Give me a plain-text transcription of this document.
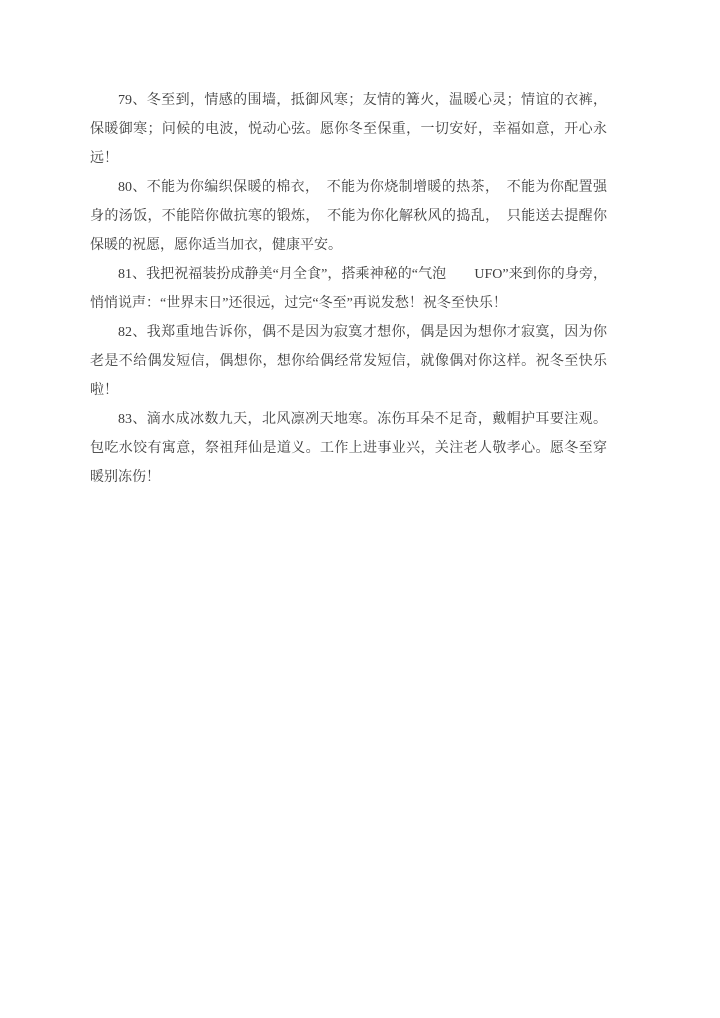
79、冬至到，情感的围墙，抵御风寒；友情的篝火，温暖心灵；情谊的衣裤，保暖御寒；问候的电波，悦动心弦。愿你冬至保重，一切安好，幸福如意，开心永远！

80、不能为你编织保暖的棉衣，　不能为你烧制增暖的热茶，　不能为你配置强身的汤饭，不能陪你做抗寒的锻炼，　不能为你化解秋风的捣乱，　只能送去提醒你保暖的祝愿，愿你适当加衣，健康平安。

81、我把祝福装扮成静美“月全食”，搭乘神秘的“气泡　　UFO”来到你的身旁，悄悄说声：“世界末日”还很远，过完“冬至”再说发愁！祝冬至快乐！

82、我郑重地告诉你，偶不是因为寂寞才想你，偶是因为想你才寂寞，因为你老是不给偶发短信，偶想你，想你给偶经常发短信，就像偶对你这样。祝冬至快乐啦！

83、滴水成冰数九天，北风凛冽天地寒。冻伤耳朵不足奇，戴帽护耳要注观。包吃水饺有寓意，祭祖拜仙是道义。工作上进事业兴，关注老人敬孝心。愿冬至穿暖别冻伤！
